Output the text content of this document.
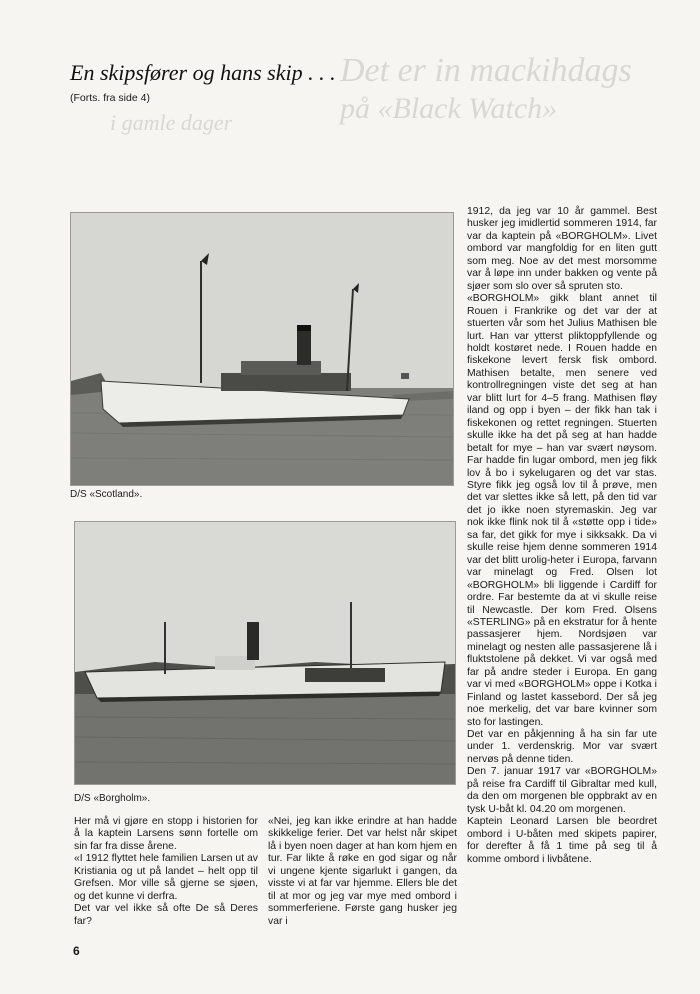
Det er in mackihdags
på «Black Watch»
i gamle dager
En skipsfører og hans skip . . .
(Forts. fra side 4)
D/S «Scotland».
D/S «Borgholm».

Her må vi gjøre en stopp i historien for å la kaptein Larsens sønn fortelle om sin far fra disse årene.

«I 1912 flyttet hele familien Larsen ut av Kristiania og ut på landet – helt opp til Grefsen. Mor ville så gjerne se sjøen, og det kunne vi derfra.

Det var vel ikke så ofte De så Deres far?

«Nei, jeg kan ikke erindre at han hadde skikkelige ferier. Det var helst når skipet lå i byen noen dager at han kom hjem en tur. Far likte å røke en god sigar og når vi ungene kjente sigarlukt i gangen, da visste vi at far var hjemme. Ellers ble det til at mor og jeg var mye med ombord i sommerferiene. Første gang husker jeg var i

1912, da jeg var 10 år gammel. Best husker jeg imidlertid sommeren 1914, far var da kaptein på «BORGHOLM». Livet ombord var mangfoldig for en liten gutt som meg. Noe av det mest morsomme var å løpe inn under bakken og vente på sjøer som slo over så spruten sto.

«BORGHOLM» gikk blant annet til Rouen i Frankrike og det var der at stuerten vår som het Julius Mathisen ble lurt. Han var ytterst pliktoppfyllende og holdt kostøret nede. I Rouen hadde en fiskekone levert fersk fisk ombord. Mathisen betalte, men senere ved kontrollregningen viste det seg at han var blitt lurt for 4–5 frang. Mathisen fløy iland og opp i byen – der fikk han tak i fiskekonen og rettet regningen. Stuerten skulle ikke ha det på seg at han hadde betalt for mye – han var svært nøysom. Far hadde fin lugar ombord, men jeg fikk lov å bo i sykelugaren og det var stas. Styre fikk jeg også lov til å prøve, men det var slettes ikke så lett, på den tid var det jo ikke noen styremaskin. Jeg var nok ikke flink nok til å «støtte opp i tide» sa far, det gikk for mye i sikksakk. Da vi skulle reise hjem denne sommeren 1914 var det blitt urolig-heter i Europa, farvann var minelagt og Fred. Olsen lot «BORGHOLM» bli liggende i Cardiff for ordre. Far bestemte da at vi skulle reise til Newcastle. Der kom Fred. Olsens «STERLING» på en ekstratur for å hente passasjerer hjem. Nordsjøen var minelagt og nesten alle passasjerene lå i fluktstolene på dekket. Vi var også med far på andre steder i Europa. En gang var vi med «BORGHOLM» oppe i Kotka i Finland og lastet kassebord. Der så jeg noe merkelig, det var bare kvinner som sto for lastingen.

Det var en påkjenning å ha sin far ute under 1. verdenskrig. Mor var svært nervøs på denne tiden.

Den 7. januar 1917 var «BORGHOLM» på reise fra Cardiff til Gibraltar med kull, da den om morgenen ble oppbrakt av en tysk U-båt kl. 04.20 om morgenen.

Kaptein Leonard Larsen ble beordret ombord i U-båten med skipets papirer, for derefter å få 1 time på seg til å komme ombord i livbåtene.

6
